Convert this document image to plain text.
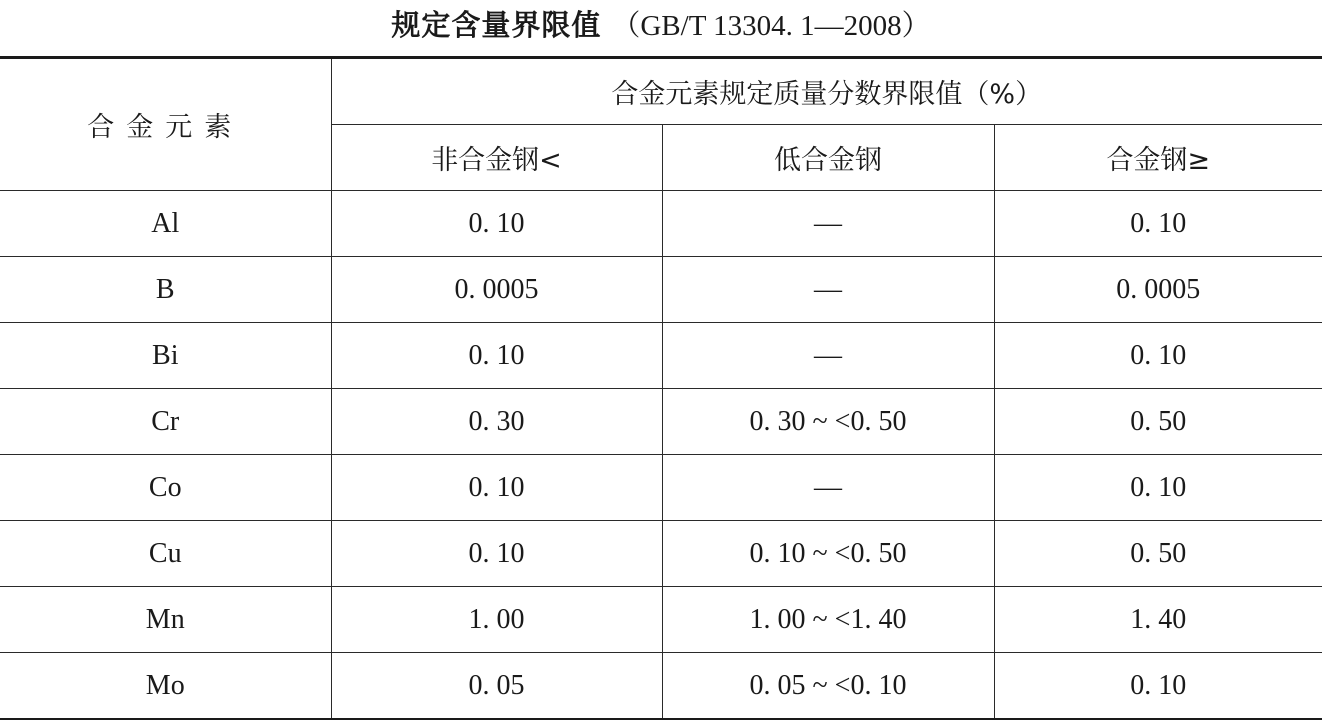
规定含量界限值 （GB/T 13304. 1—2008）
合金元素	合金元素规定质量分数界限值（%）		
	非合金钢<	低合金钢	合金钢≥
Al	0. 10	—	0. 10
B	0. 0005	—	0. 0005
Bi	0. 10	—	0. 10
Cr	0. 30	0. 30 ~ <0. 50	0. 50
Co	0. 10	—	0. 10
Cu	0. 10	0. 10 ~ <0. 50	0. 50
Mn	1. 00	1. 00 ~ <1. 40	1. 40
Mo	0. 05	0. 05 ~ <0. 10	0. 10
